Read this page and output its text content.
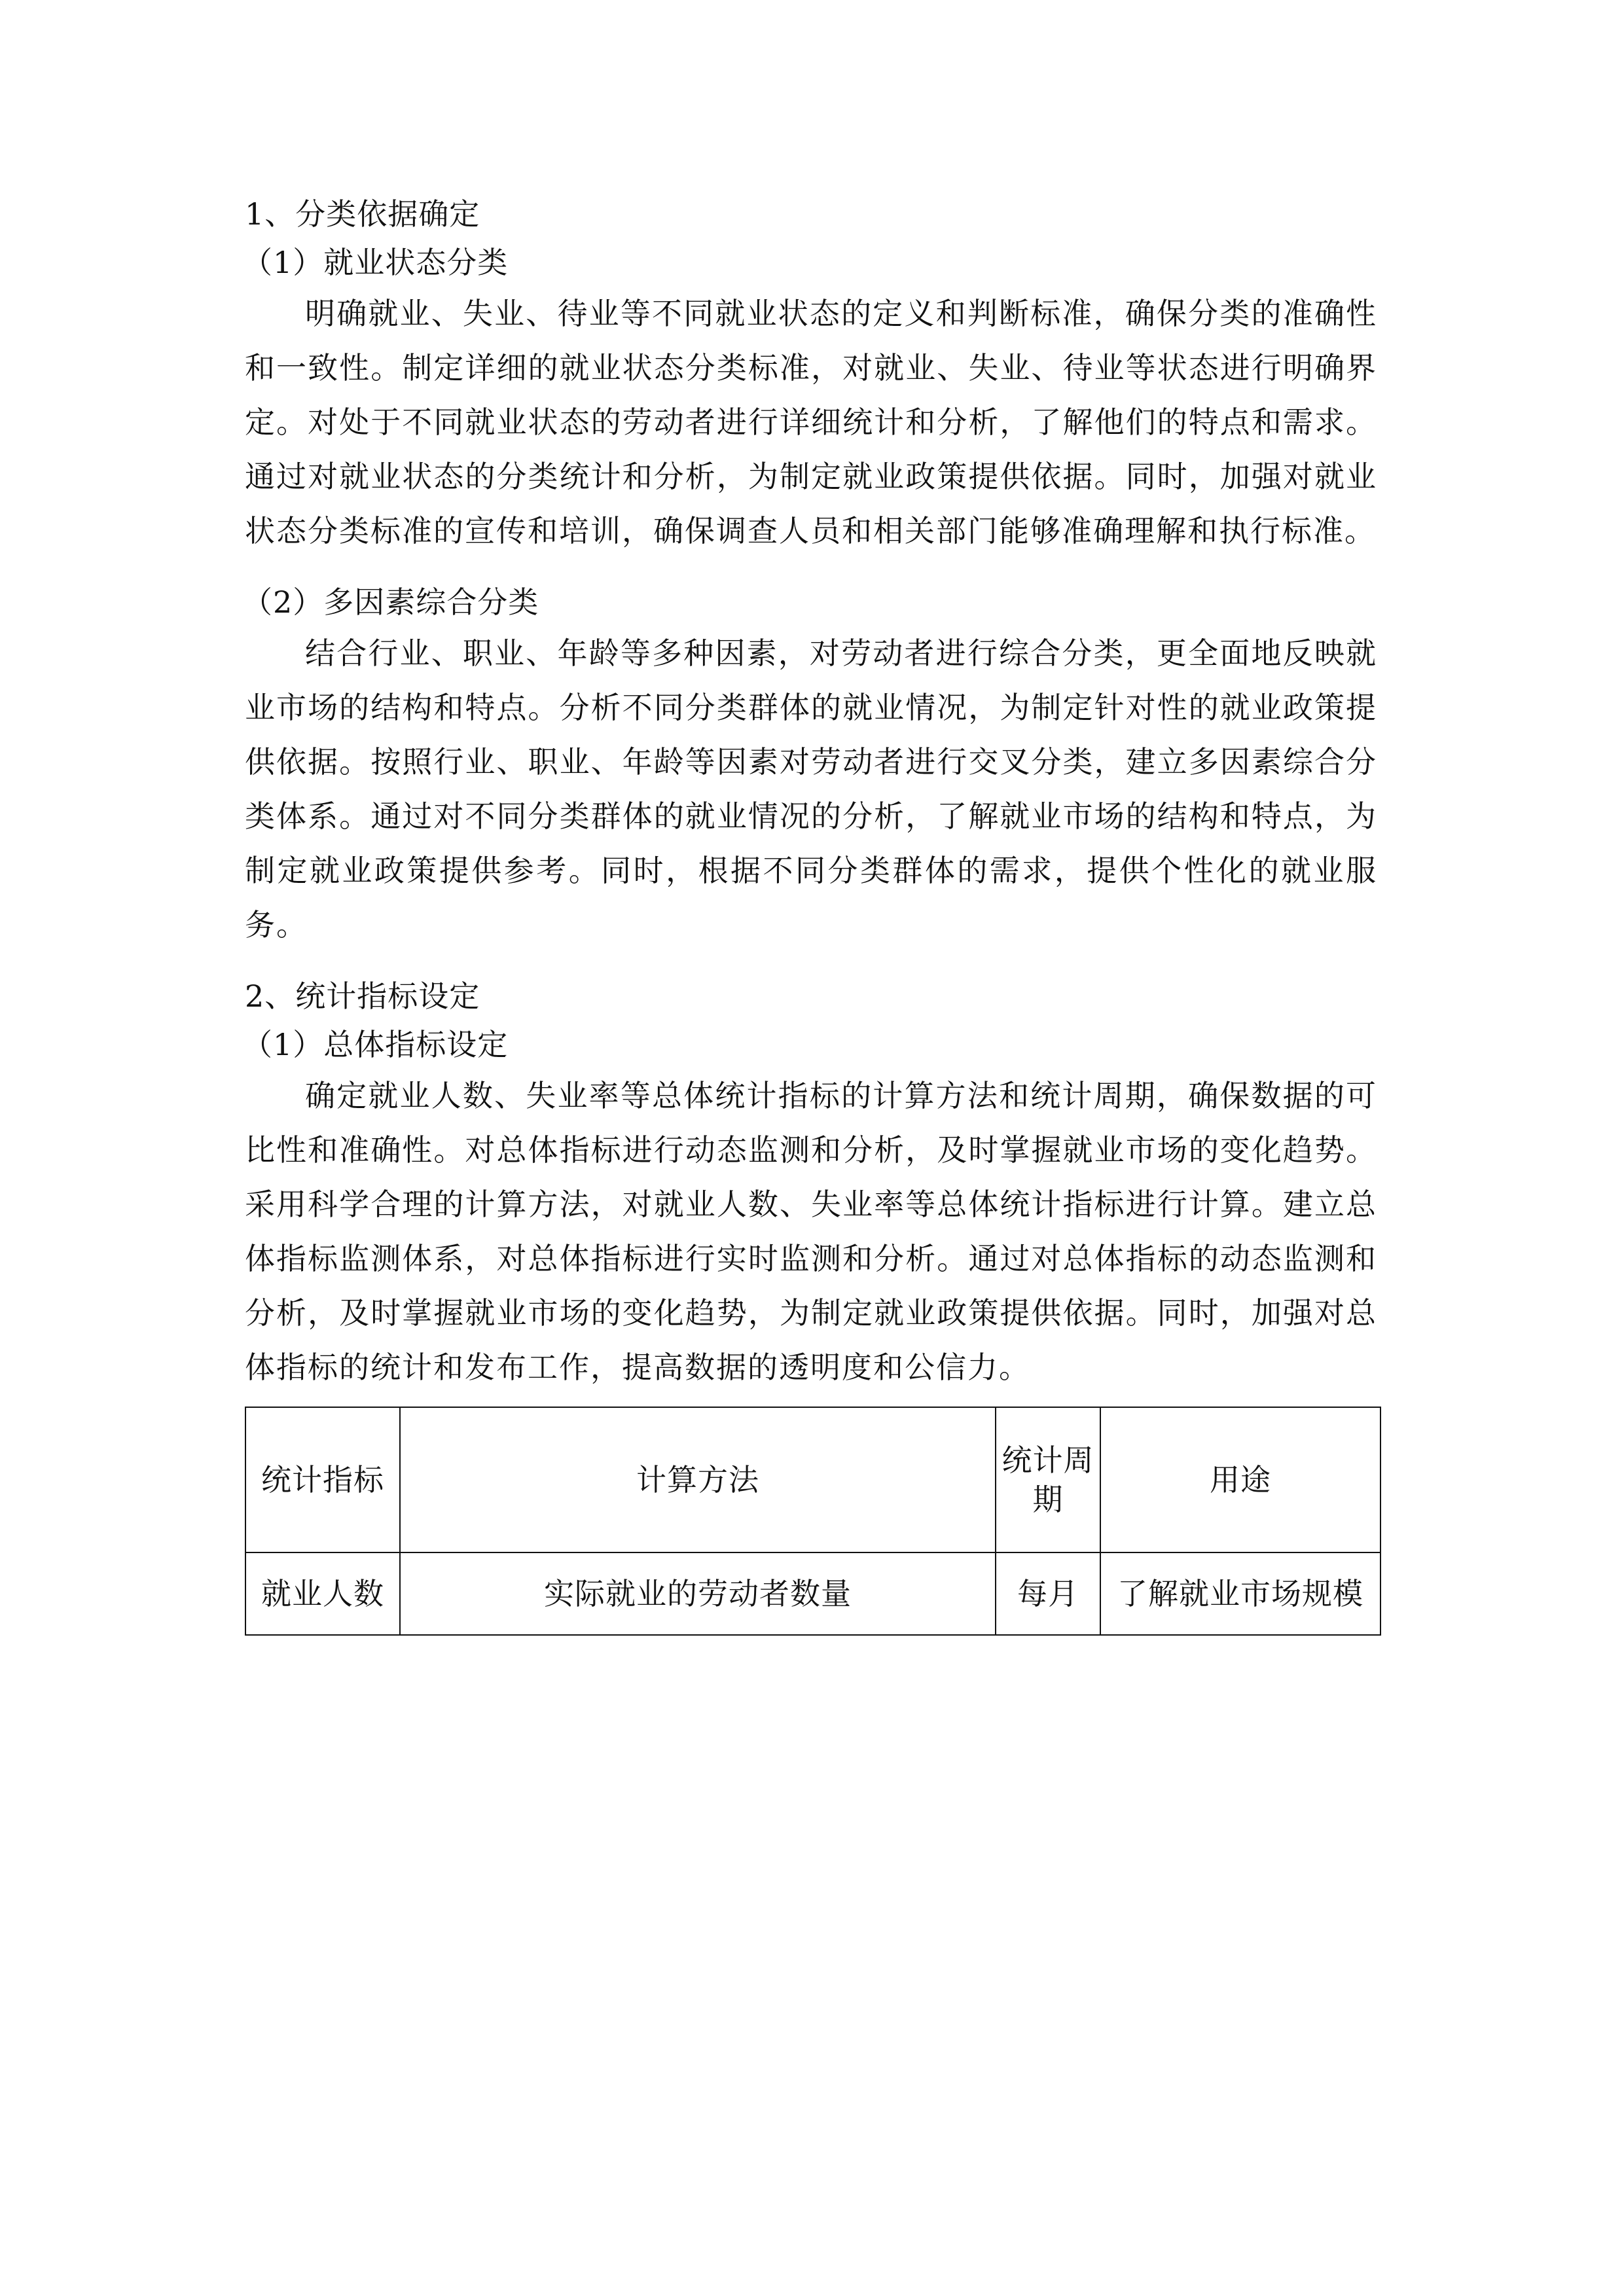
1、分类依据确定

（1）就业状态分类

明确就业、失业、待业等不同就业状态的定义和判断标准，确保分类的准确性和一致性。制定详细的就业状态分类标准，对就业、失业、待业等状态进行明确界定。对处于不同就业状态的劳动者进行详细统计和分析，了解他们的特点和需求。通过对就业状态的分类统计和分析，为制定就业政策提供依据。同时，加强对就业状态分类标准的宣传和培训，确保调查人员和相关部门能够准确理解和执行标准。

（2）多因素综合分类

结合行业、职业、年龄等多种因素，对劳动者进行综合分类，更全面地反映就业市场的结构和特点。分析不同分类群体的就业情况，为制定针对性的就业政策提供依据。按照行业、职业、年龄等因素对劳动者进行交叉分类，建立多因素综合分类体系。通过对不同分类群体的就业情况的分析，了解就业市场的结构和特点，为制定就业政策提供参考。同时，根据不同分类群体的需求，提供个性化的就业服务。

2、统计指标设定

（1）总体指标设定

确定就业人数、失业率等总体统计指标的计算方法和统计周期，确保数据的可比性和准确性。对总体指标进行动态监测和分析，及时掌握就业市场的变化趋势。采用科学合理的计算方法，对就业人数、失业率等总体统计指标进行计算。建立总体指标监测体系，对总体指标进行实时监测和分析。通过对总体指标的动态监测和分析，及时掌握就业市场的变化趋势，为制定就业政策提供依据。同时，加强对总体指标的统计和发布工作，提高数据的透明度和公信力。

统计指标	计算方法	统计周期	用途
就业人数	实际就业的劳动者数量	每月	了解就业市场规模
